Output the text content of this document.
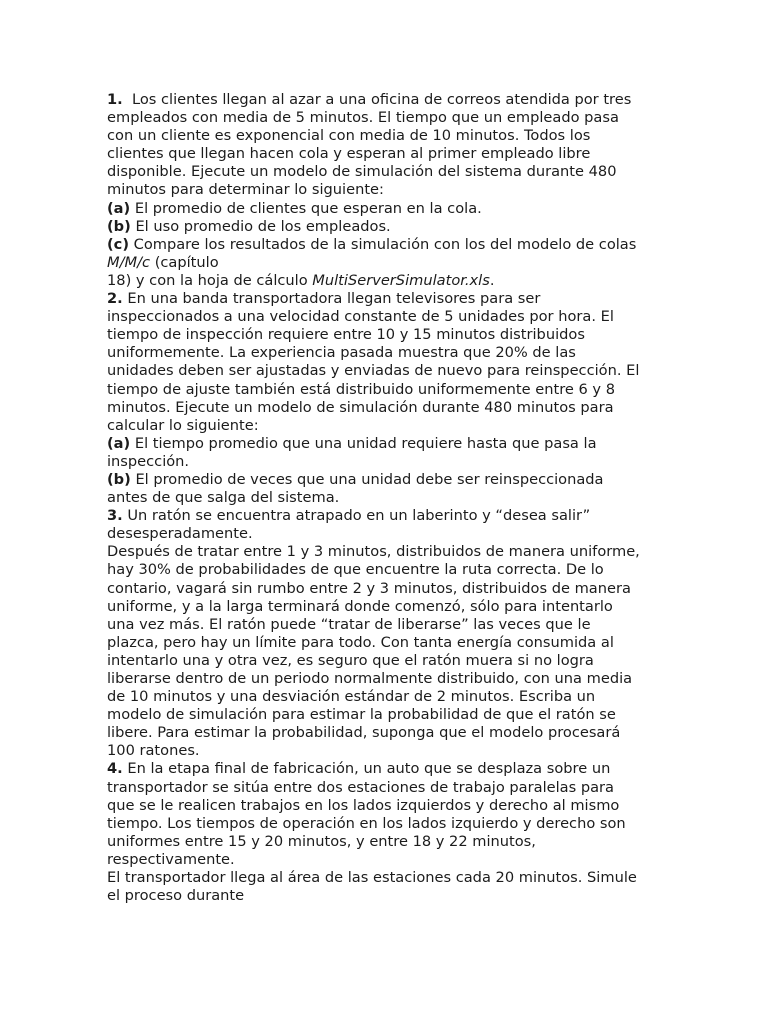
1. Los clientes llegan al azar a una oficina de correos atendida por tres
empleados con media de 5 minutos. El tiempo que un empleado pasa
con un cliente es exponencial con media de 10 minutos. Todos los
clientes que llegan hacen cola y esperan al primer empleado libre
disponible. Ejecute un modelo de simulación del sistema durante 480
minutos para determinar lo siguiente:
(a) El promedio de clientes que esperan en la cola.
(b) El uso promedio de los empleados.
(c) Compare los resultados de la simulación con los del modelo de colas
M/M/c (capítulo
18) y con la hoja de cálculo MultiServerSimulator.xls.
2. En una banda transportadora llegan televisores para ser
inspeccionados a una velocidad constante de 5 unidades por hora. El
tiempo de inspección requiere entre 10 y 15 minutos distribuidos
uniformemente. La experiencia pasada muestra que 20% de las
unidades deben ser ajustadas y enviadas de nuevo para reinspección. El
tiempo de ajuste también está distribuido uniformemente entre 6 y 8
minutos. Ejecute un modelo de simulación durante 480 minutos para
calcular lo siguiente:
(a) El tiempo promedio que una unidad requiere hasta que pasa la
inspección.
(b) El promedio de veces que una unidad debe ser reinspeccionada
antes de que salga del sistema.
3. Un ratón se encuentra atrapado en un laberinto y “desea salir”
desesperadamente.
Después de tratar entre 1 y 3 minutos, distribuidos de manera uniforme,
hay 30% de probabilidades de que encuentre la ruta correcta. De lo
contario, vagará sin rumbo entre 2 y 3 minutos, distribuidos de manera
uniforme, y a la larga terminará donde comenzó, sólo para intentarlo
una vez más. El ratón puede “tratar de liberarse” las veces que le
plazca, pero hay un límite para todo. Con tanta energía consumida al
intentarlo una y otra vez, es seguro que el ratón muera si no logra
liberarse dentro de un periodo normalmente distribuido, con una media
de 10 minutos y una desviación estándar de 2 minutos. Escriba un
modelo de simulación para estimar la probabilidad de que el ratón se
libere. Para estimar la probabilidad, suponga que el modelo procesará
100 ratones.
4. En la etapa final de fabricación, un auto que se desplaza sobre un
transportador se sitúa entre dos estaciones de trabajo paralelas para
que se le realicen trabajos en los lados izquierdos y derecho al mismo
tiempo. Los tiempos de operación en los lados izquierdo y derecho son
uniformes entre 15 y 20 minutos, y entre 18 y 22 minutos,
respectivamente.
El transportador llega al área de las estaciones cada 20 minutos. Simule
el proceso durante
